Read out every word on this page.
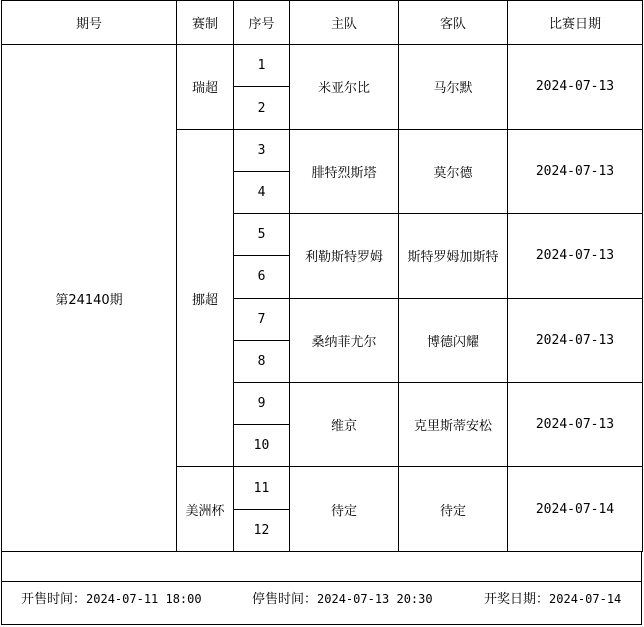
期号	赛制	序号	主队	客队	比赛日期
第24140期	瑞超	1	米亚尔比	马尔默	2024-07-13
		2			
	挪超	3	腓特烈斯塔	莫尔德	2024-07-13
		4			
		5	利勒斯特罗姆	斯特罗姆加斯特	2024-07-13
		6			
		7	桑纳菲尤尔	博德闪耀	2024-07-13
		8			
		9	维京	克里斯蒂安松	2024-07-13
		10			
	美洲杯	11	待定	待定	2024-07-14
		12			
开售时间：2024-07-11 18:00	停售时间：2024-07-13 20:30	开奖日期：2024-07-14
